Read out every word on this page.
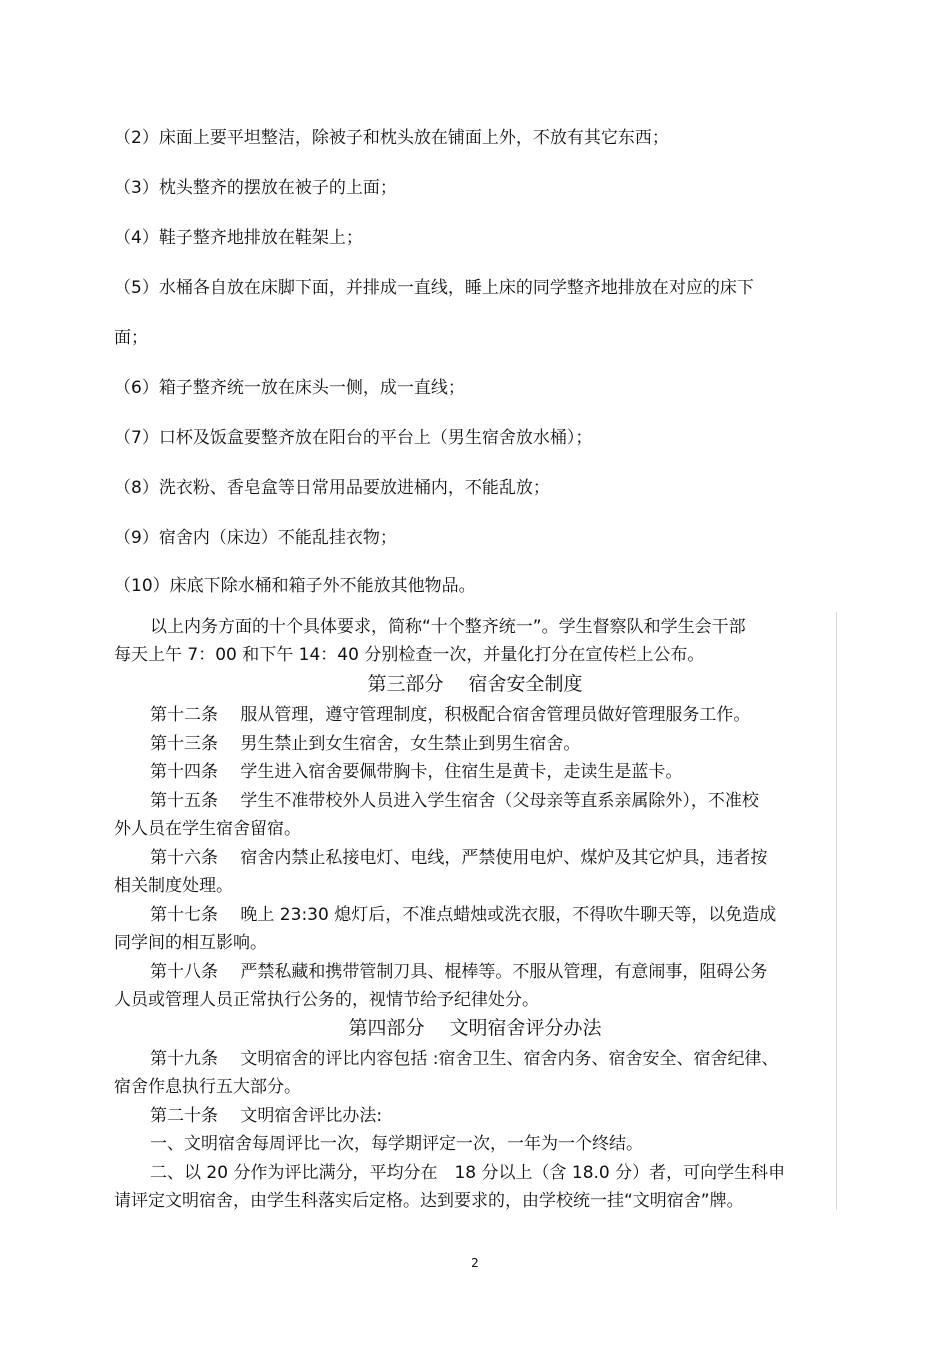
（2）床面上要平坦整洁，除被子和枕头放在铺面上外，不放有其它东西；
（3）枕头整齐的摆放在被子的上面；
（4）鞋子整齐地排放在鞋架上；
（5）水桶各自放在床脚下面，并排成一直线，睡上床的同学整齐地排放在对应的床下
面；
（6）箱子整齐统一放在床头一侧，成一直线；
（7）口杯及饭盒要整齐放在阳台的平台上（男生宿舍放水桶）；
（8）洗衣粉、香皂盒等日常用品要放进桶内，不能乱放；
（9）宿舍内（床边）不能乱挂衣物；
（10）床底下除水桶和箱子外不能放其他物品。
以上内务方面的十个具体要求，简称“十个整齐统一”。学生督察队和学生会干部
每天上午 7：00 和下午 14：40 分别检查一次，并量化打分在宣传栏上公布。
第三部分　 宿舍安全制度
第十二条　 服从管理，遵守管理制度，积极配合宿舍管理员做好管理服务工作。
第十三条　 男生禁止到女生宿舍，女生禁止到男生宿舍。
第十四条　 学生进入宿舍要佩带胸卡，住宿生是黄卡，走读生是蓝卡。
第十五条　 学生不准带校外人员进入学生宿舍（父母亲等直系亲属除外），不准校
外人员在学生宿舍留宿。
第十六条　 宿舍内禁止私接电灯、电线，严禁使用电炉、煤炉及其它炉具，违者按
相关制度处理。
第十七条　 晚上 23:30 熄灯后，不准点蜡烛或洗衣服，不得吹牛聊天等，以免造成
同学间的相互影响。
第十八条　 严禁私藏和携带管制刀具、棍棒等。不服从管理，有意闹事，阻碍公务
人员或管理人员正常执行公务的，视情节给予纪律处分。
第四部分　 文明宿舍评分办法
第十九条　 文明宿舍的评比内容包括 :宿舍卫生、宿舍内务、宿舍安全、宿舍纪律、
宿舍作息执行五大部分。
第二十条　 文明宿舍评比办法:
一、文明宿舍每周评比一次，每学期评定一次，一年为一个终结。
二、以 20 分作为评比满分，平均分在　18 分以上（含 18.0 分）者，可向学生科申
请评定文明宿舍，由学生科落实后定格。达到要求的，由学校统一挂“文明宿舍”牌。
2
